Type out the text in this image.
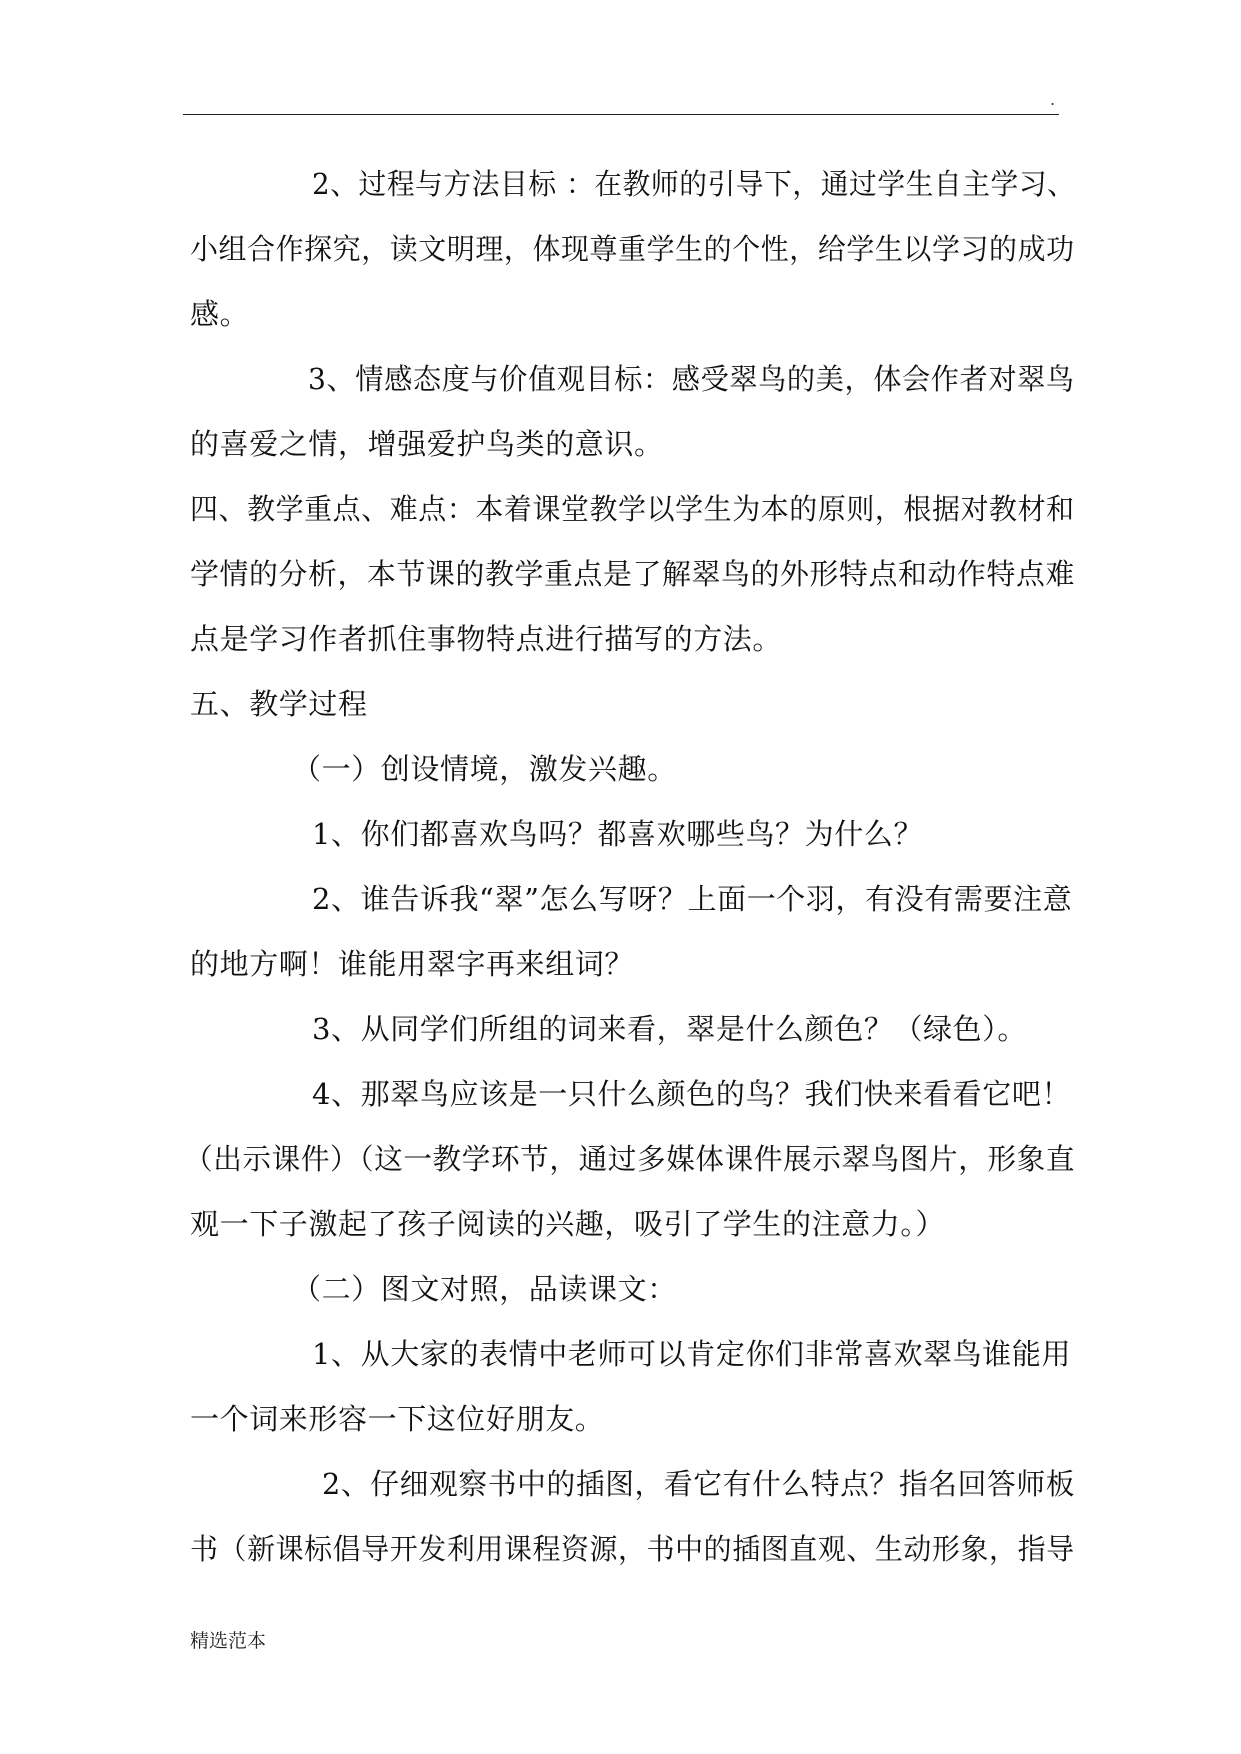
.
2、过程与方法目标 ：在教师的引导下，通过学生自主学习、
小组合作探究，读文明理，体现尊重学生的个性，给学生以学习的成功
感。
3、情感态度与价值观目标：感受翠鸟的美，体会作者对翠鸟
的喜爱之情，增强爱护鸟类的意识。
四、教学重点、难点：本着课堂教学以学生为本的原则，根据对教材和
学情的分析，本节课的教学重点是了解翠鸟的外形特点和动作特点难
点是学习作者抓住事物特点进行描写的方法。
五、教学过程
（一）创设情境，激发兴趣。
1、你们都喜欢鸟吗？都喜欢哪些鸟？为什么？
2、谁告诉我“翠”怎么写呀？上面一个羽，有没有需要注意
的地方啊！谁能用翠字再来组词？
3、从同学们所组的词来看，翠是什么颜色？（绿色）。
4、那翠鸟应该是一只什么颜色的鸟？我们快来看看它吧！
（出示课件）（这一教学环节，通过多媒体课件展示翠鸟图片，形象直
观一下子激起了孩子阅读的兴趣，吸引了学生的注意力。）
（二）图文对照，品读课文：
1、从大家的表情中老师可以肯定你们非常喜欢翠鸟谁能用
一个词来形容一下这位好朋友。
2、仔细观察书中的插图，看它有什么特点？指名回答师板
书（新课标倡导开发利用课程资源，书中的插图直观、生动形象，指导
精选范本
